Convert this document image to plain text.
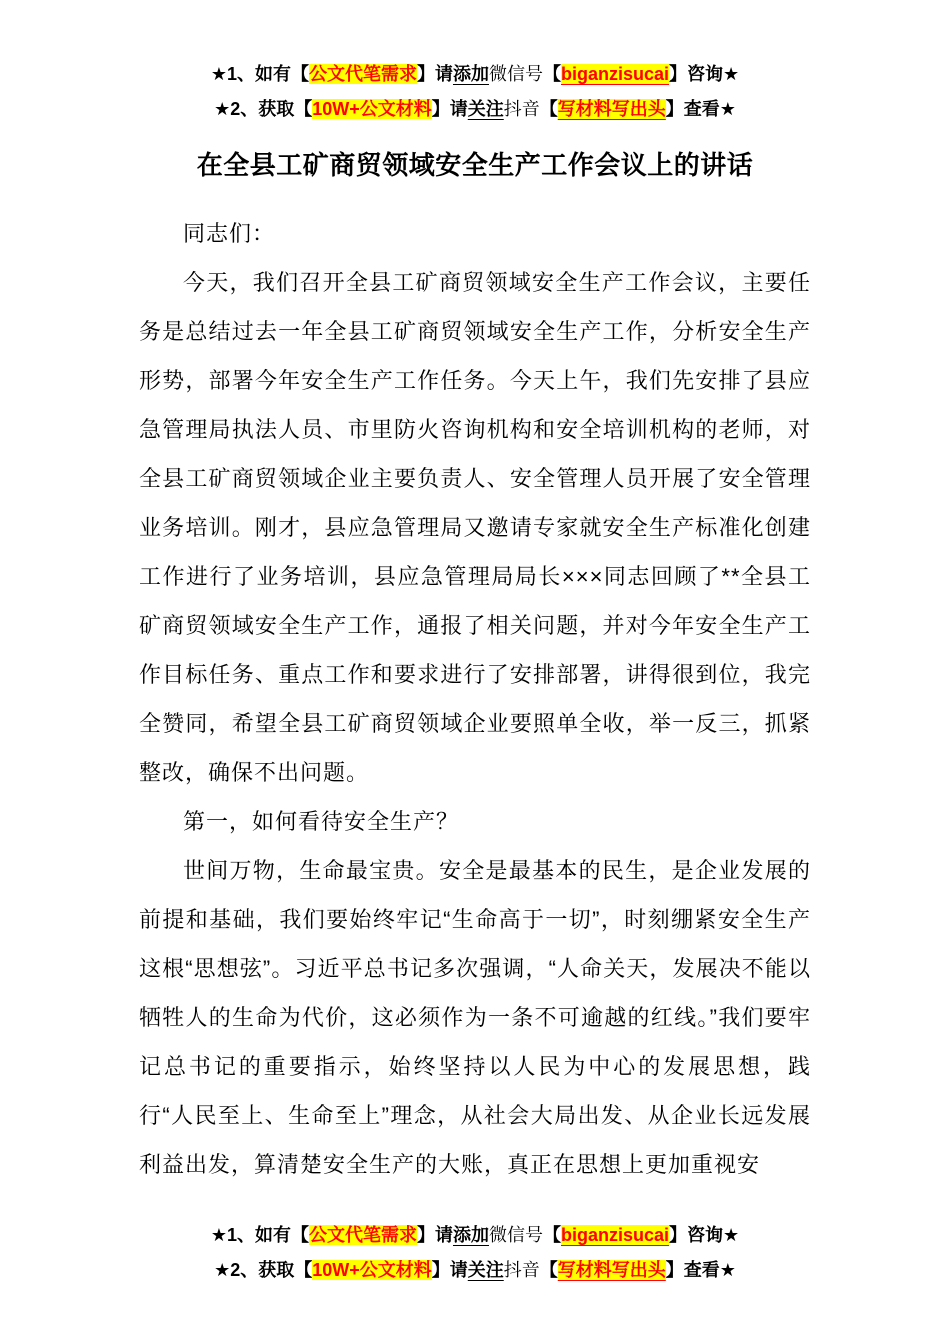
★1、如有【公文代笔需求】请添加微信号【biganzisucai】咨询★
★2、获取【10W+公文材料】请关注抖音【写材料写出头】查看★
在全县工矿商贸领域安全生产工作会议上的讲话

同志们：

今天，我们召开全县工矿商贸领域安全生产工作会议，主要任务是总结过去一年全县工矿商贸领域安全生产工作，分析安全生产形势，部署今年安全生产工作任务。今天上午，我们先安排了县应急管理局执法人员、市里防火咨询机构和安全培训机构的老师，对全县工矿商贸领域企业主要负责人、安全管理人员开展了安全管理业务培训。刚才，县应急管理局又邀请专家就安全生产标准化创建工作进行了业务培训，县应急管理局局长×××同志回顾了**全县工矿商贸领域安全生产工作，通报了相关问题，并对今年安全生产工作目标任务、重点工作和要求进行了安排部署，讲得很到位，我完全赞同，希望全县工矿商贸领域企业要照单全收，举一反三，抓紧整改，确保不出问题。

第一，如何看待安全生产？

世间万物，生命最宝贵。安全是最基本的民生，是企业发展的前提和基础，我们要始终牢记“生命高于一切”，时刻绷紧安全生产这根“思想弦”。习近平总书记多次强调，“人命关天，发展决不能以牺牲人的生命为代价，这必须作为一条不可逾越的红线。”我们要牢记总书记的重要指示，始终坚持以人民为中心的发展思想，践行“人民至上、生命至上”理念，从社会大局出发、从企业长远发展利益出发，算清楚安全生产的大账，真正在思想上更加重视安

★1、如有【公文代笔需求】请添加微信号【biganzisucai】咨询★
★2、获取【10W+公文材料】请关注抖音【写材料写出头】查看★
